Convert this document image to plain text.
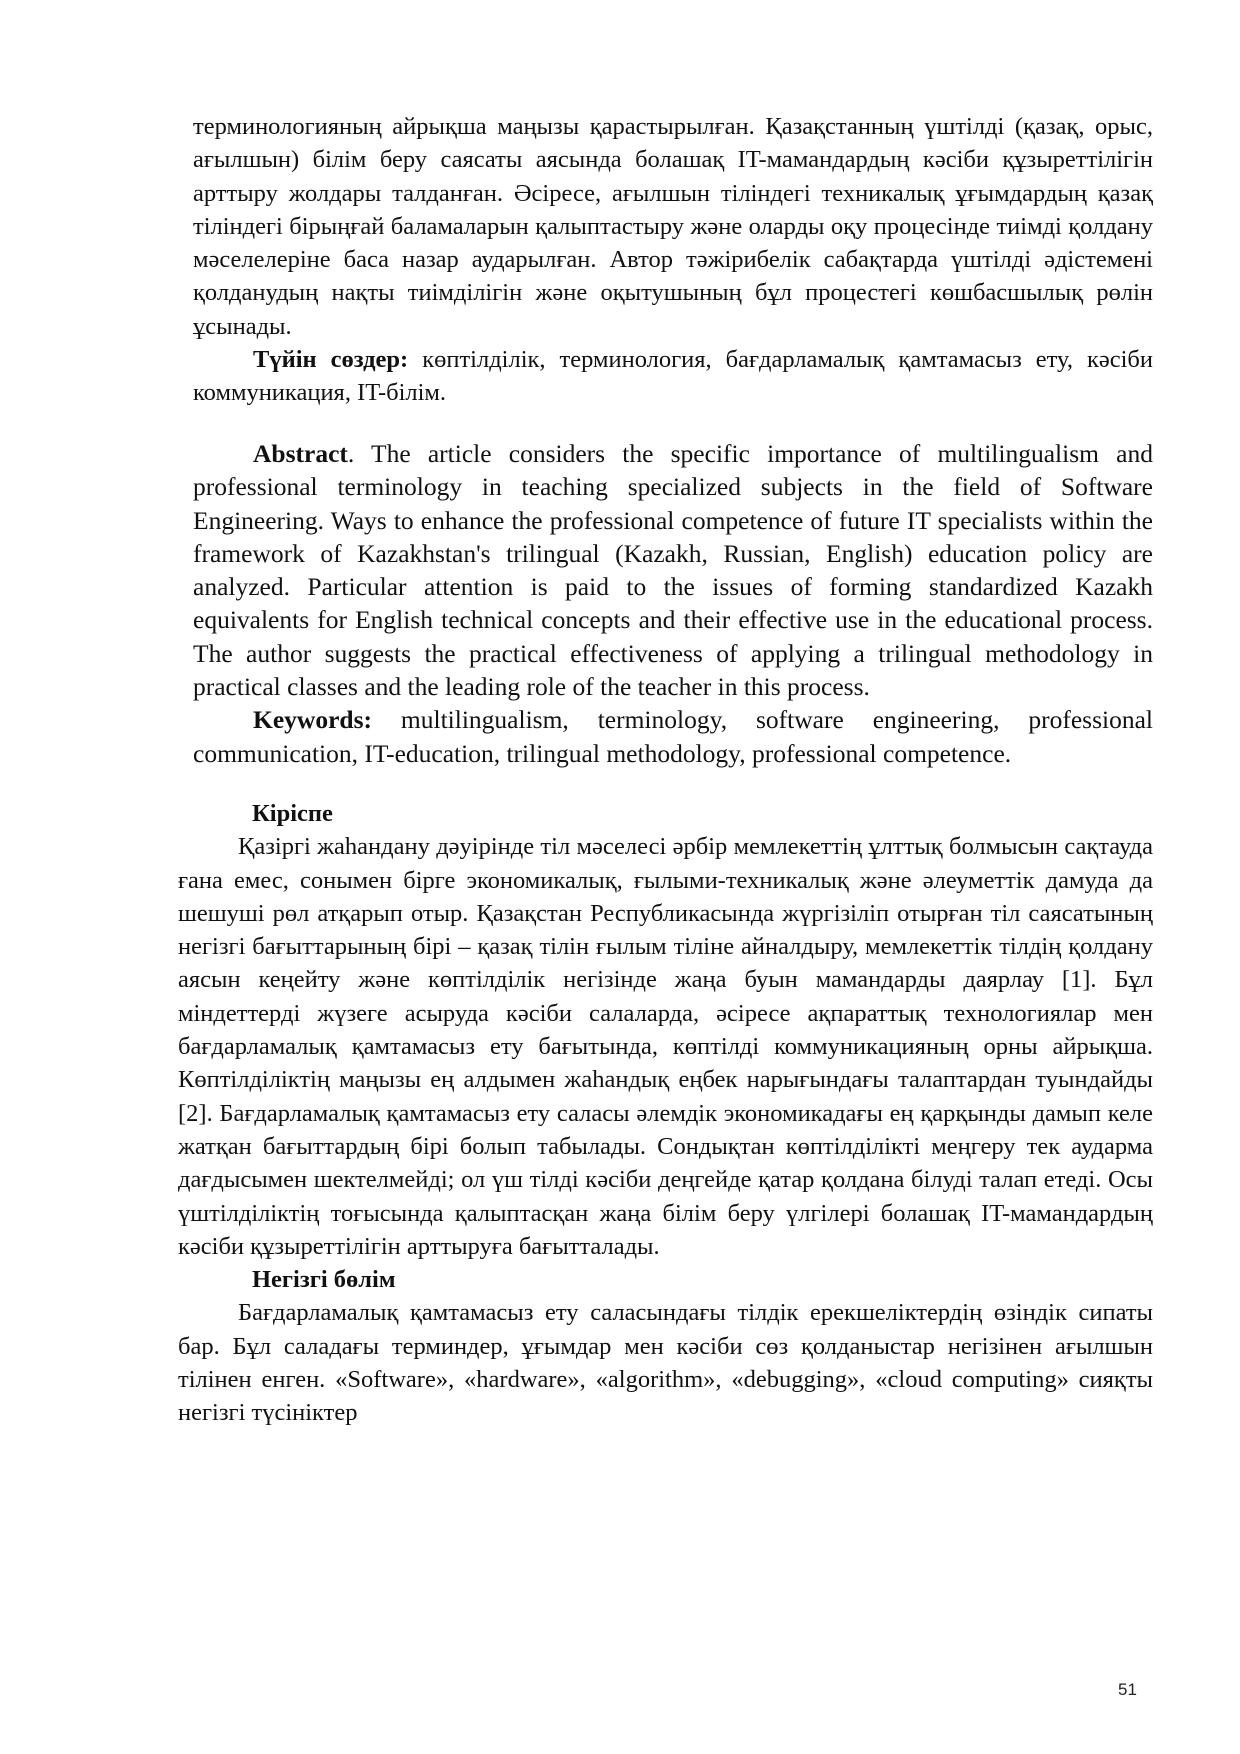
терминологияның айрықша маңызы қарастырылған. Қазақстанның үштілді (қазақ, орыс, ағылшын) білім беру саясаты аясында болашақ IT-мамандардың кәсіби құзыреттілігін арттыру жолдары талданған. Әсіресе, ағылшын тіліндегі техникалық ұғымдардың қазақ тіліндегі бірыңғай баламаларын қалыптастыру және оларды оқу процесінде тиімді қолдану мәселелеріне баса назар аударылған. Автор тәжірибелік сабақтарда үштілді әдістемені қолданудың нақты тиімділігін және оқытушының бұл процестегі көшбасшылық рөлін ұсынады.

Түйін сөздер: көптілділік, терминология, бағдарламалық қамтамасыз ету, кәсіби коммуникация, IT-білім.

Abstract. The article considers the specific importance of multilingualism and professional terminology in teaching specialized subjects in the field of Software Engineering. Ways to enhance the professional competence of future IT specialists within the framework of Kazakhstan's trilingual (Kazakh, Russian, English) education policy are analyzed. Particular attention is paid to the issues of forming standardized Kazakh equivalents for English technical concepts and their effective use in the educational process. The author suggests the practical effectiveness of applying a trilingual methodology in practical classes and the leading role of the teacher in this process.

Keywords: multilingualism, terminology, software engineering, professional communication, IT-education, trilingual methodology, professional competence.

Кіріспе

Қазіргі жаһандану дәуірінде тіл мәселесі әрбір мемлекеттің ұлттық болмысын сақтауда ғана емес, сонымен бірге экономикалық, ғылыми-техникалық және әлеуметтік дамуда да шешуші рөл атқарып отыр. Қазақстан Республикасында жүргізіліп отырған тіл саясатының негізгі бағыттарының бірі – қазақ тілін ғылым тіліне айналдыру, мемлекеттік тілдің қолдану аясын кеңейту және көптілділік негізінде жаңа буын мамандарды даярлау [1]. Бұл міндеттерді жүзеге асыруда кәсіби салаларда, әсіресе ақпараттық технологиялар мен бағдарламалық қамтамасыз ету бағытында, көптілді коммуникацияның орны айрықша. Көптілділіктің маңызы ең алдымен жаһандық еңбек нарығындағы талаптардан туындайды [2]. Бағдарламалық қамтамасыз ету саласы әлемдік экономикадағы ең қарқынды дамып келе жатқан бағыттардың бірі болып табылады. Сондықтан көптілділікті меңгеру тек аударма дағдысымен шектелмейді; ол үш тілді кәсіби деңгейде қатар қолдана білуді талап етеді. Осы үштілділіктің тоғысында қалыптасқан жаңа білім беру үлгілері болашақ IT-мамандардың кәсіби құзыреттілігін арттыруға бағытталады.

Негізгі бөлім

Бағдарламалық қамтамасыз ету саласындағы тілдік ерекшеліктердің өзіндік сипаты бар. Бұл саладағы терминдер, ұғымдар мен кәсіби сөз қолданыстар негізінен ағылшын тілінен енген. «Software», «hardware», «algorithm», «debugging», «cloud computing» сияқты негізгі түсініктер

51
